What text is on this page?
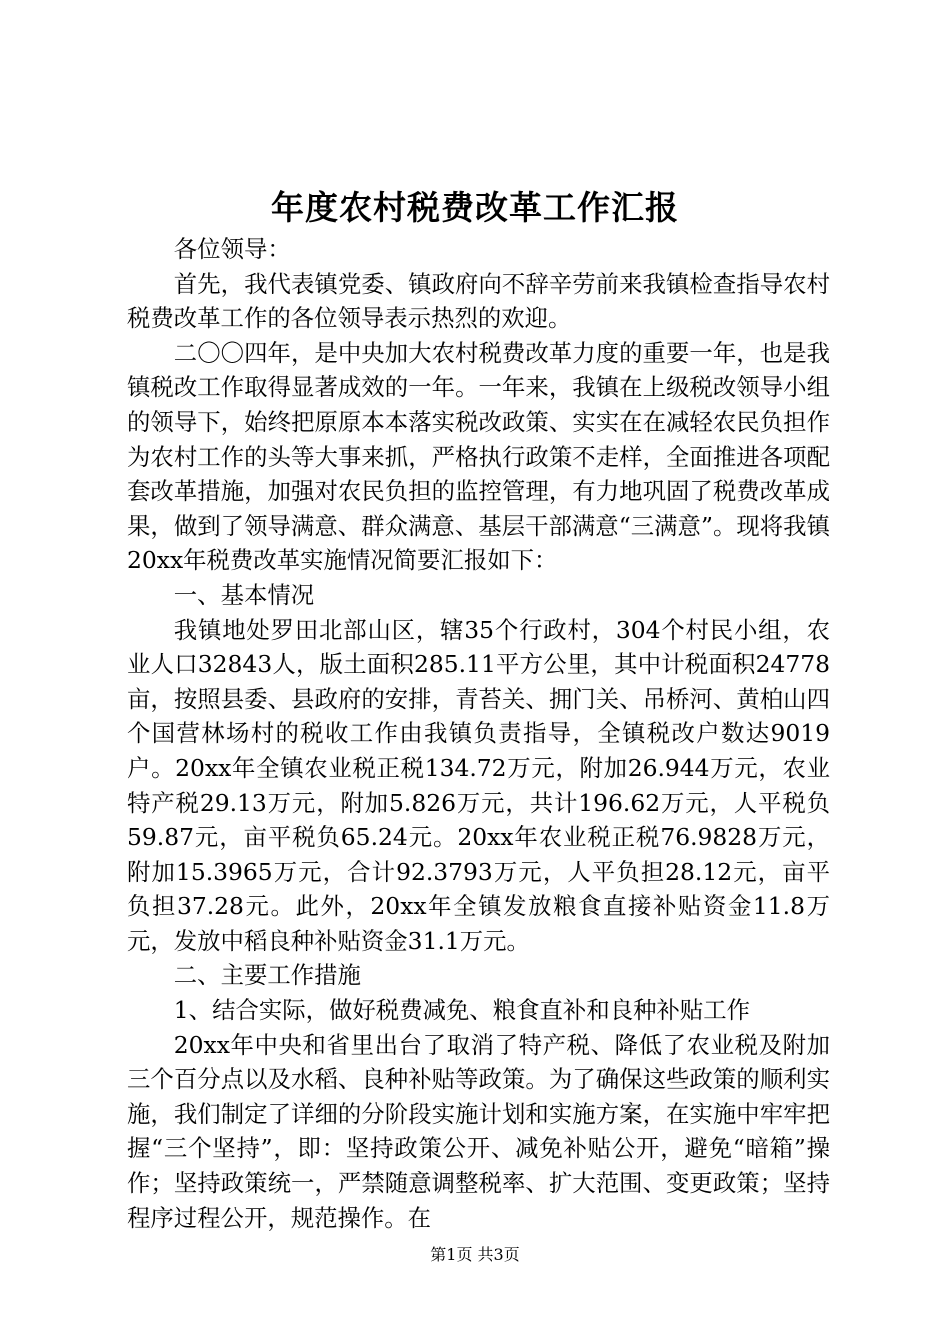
年度农村税费改革工作汇报

各位领导：

首先，我代表镇党委、镇政府向不辞辛劳前来我镇检查指导农村税费改革工作的各位领导表示热烈的欢迎。

二〇〇四年，是中央加大农村税费改革力度的重要一年，也是我镇税改工作取得显著成效的一年。一年来，我镇在上级税改领导小组的领导下，始终把原原本本落实税改政策、实实在在减轻农民负担作为农村工作的头等大事来抓，严格执行政策不走样，全面推进各项配套改革措施，加强对农民负担的监控管理，有力地巩固了税费改革成果，做到了领导满意、群众满意、基层干部满意“三满意”。现将我镇20xx年税费改革实施情况简要汇报如下：

一、基本情况

我镇地处罗田北部山区，辖35个行政村，304个村民小组，农业人口32843人，版土面积285.11平方公里，其中计税面积24778亩，按照县委、县政府的安排，青苔关、拥门关、吊桥河、黄柏山四个国营林场村的税收工作由我镇负责指导，全镇税改户数达9019户。20xx年全镇农业税正税134.72万元，附加26.944万元，农业特产税29.13万元，附加5.826万元，共计196.62万元，人平税负59.87元，亩平税负65.24元。20xx年农业税正税76.9828万元，附加15.3965万元，合计92.3793万元，人平负担28.12元，亩平负担37.28元。此外，20xx年全镇发放粮食直接补贴资金11.8万元，发放中稻良种补贴资金31.1万元。

二、主要工作措施

1、结合实际，做好税费减免、粮食直补和良种补贴工作

20xx年中央和省里出台了取消了特产税、降低了农业税及附加三个百分点以及水稻、良种补贴等政策。为了确保这些政策的顺利实施，我们制定了详细的分阶段实施计划和实施方案，在实施中牢牢把握“三个坚持”，即：坚持政策公开、减免补贴公开，避免“暗箱”操作；坚持政策统一，严禁随意调整税率、扩大范围、变更政策；坚持程序过程公开，规范操作。在

第1页 共3页
